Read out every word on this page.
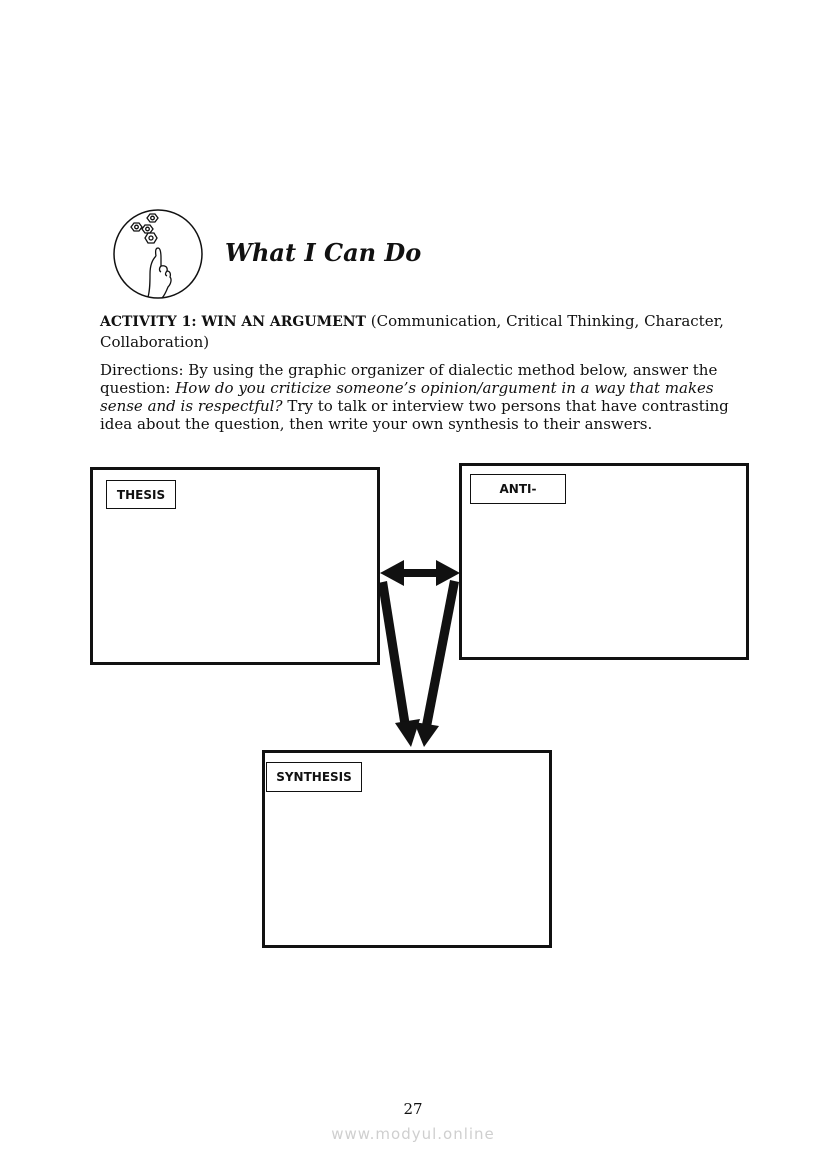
What I Can Do
ACTIVITY 1: WIN AN ARGUMENT (Communication, Critical Thinking, Character, Collaboration)
Directions: By using the graphic organizer of dialectic method below, answer the question: How do you criticize someone’s opinion/argument in a way that makes sense and is respectful? Try to talk or interview two persons that have contrasting idea about the question, then write your own synthesis to their answers.
THESIS	ANTI-
SYNTHESIS
27
www.modyul.online
